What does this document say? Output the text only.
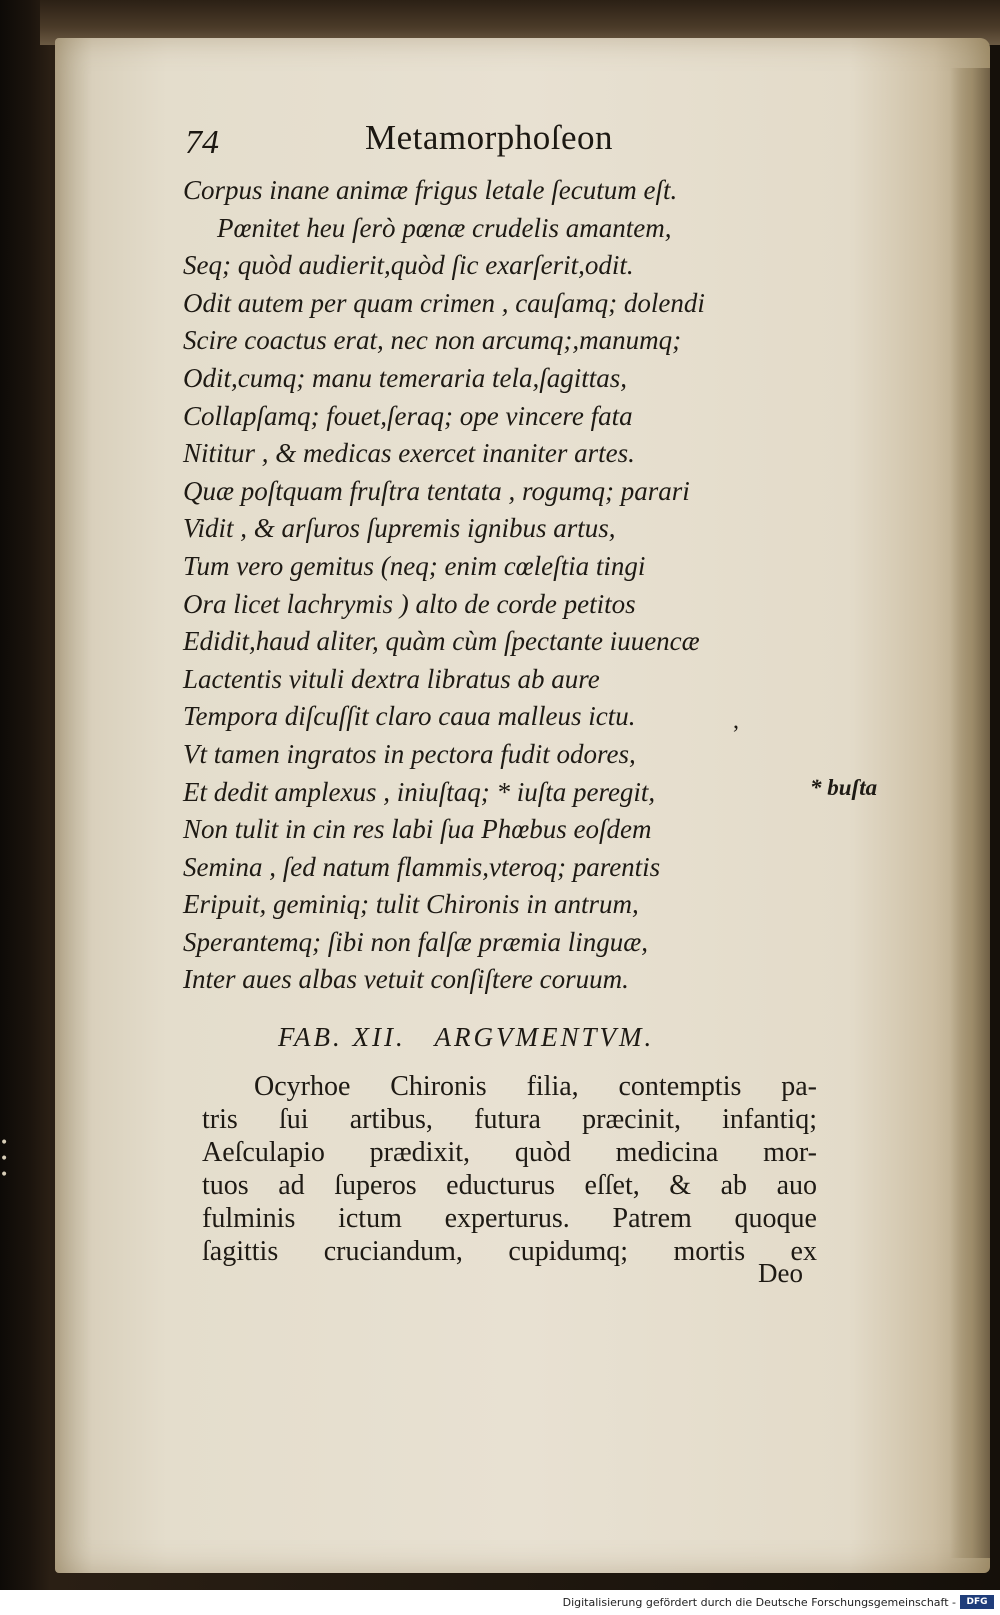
• • •
74	Metamorphoſeon
Corpus inane animæ frigus letale ſecutum eſt.
Pœnitet heu ſerò pœnæ crudelis amantem,
Seq; quòd audierit,quòd ſic exarſerit,odit.
Odit autem per quam crimen , cauſamq; dolendi
Scire coactus erat, nec non arcumq;,manumq;
Odit,cumq; manu temeraria tela,ſagittas,
Collapſamq; fouet,ſeraq; ope vincere fata
Nititur , & medicas exercet inaniter artes.
Quæ poſtquam fruſtra tentata , rogumq; parari
Vidit , & arſuros ſupremis ignibus artus,
Tum vero gemitus (neq; enim cœleſtia tingi
Ora licet lachrymis ) alto de corde petitos
Edidit,haud aliter, quàm cùm ſpectante iuuencæ
Lactentis vituli dextra libratus ab aure
Tempora diſcuſſit claro caua malleus ictu.
Vt tamen ingratos in pectora fudit odores,
Et dedit amplexus , iniuſtaq; * iuſta peregit,
Non tulit in cin res labi ſua Phœbus eoſdem
Semina , ſed natum flammis,vteroq; parentis
Eripuit, geminiq; tulit Chironis in antrum,
Sperantemq; ſibi non falſæ præmia linguæ,
Inter aues albas vetuit conſiſtere coruum.
,
* buſta
FAB. XII.   ARGVMENTVM.
Ocyrhoe Chironis filia, contemptis pa-
tris ſui artibus, futura præcinit, infantiq;
Aeſculapio prædixit, quòd medicina mor-
tuos ad ſuperos educturus eſſet, & ab auo
fulminis ictum experturus. Patrem quoque
ſagittis cruciandum, cupidumq; mortis ex
Deo
Digitalisierung gefördert durch die Deutsche Forschungsgemeinschaft -	DFG
